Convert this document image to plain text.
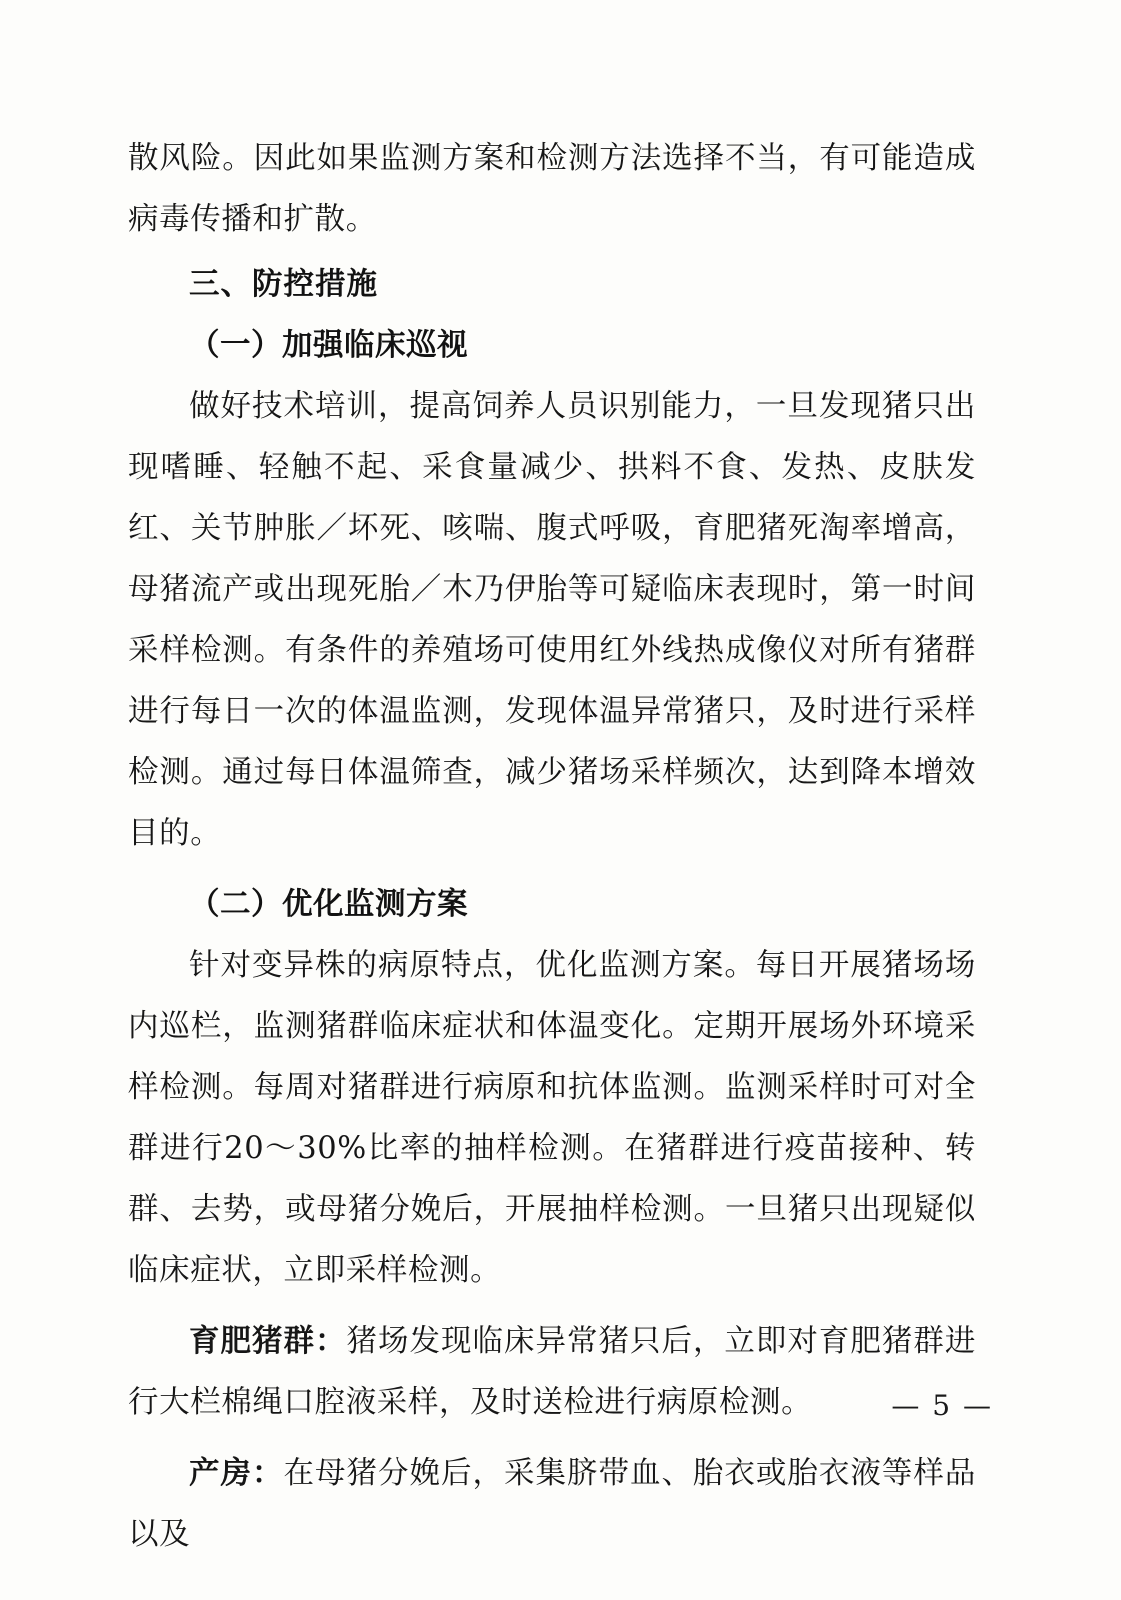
散风险。因此如果监测方案和检测方法选择不当，有可能造成病毒传播和扩散。

三、防控措施

（一）加强临床巡视

做好技术培训，提高饲养人员识别能力，一旦发现猪只出现嗜睡、轻触不起、采食量减少、拱料不食、发热、皮肤发红、关节肿胀／坏死、咳喘、腹式呼吸，育肥猪死淘率增高，母猪流产或出现死胎／木乃伊胎等可疑临床表现时，第一时间采样检测。有条件的养殖场可使用红外线热成像仪对所有猪群进行每日一次的体温监测，发现体温异常猪只，及时进行采样检测。通过每日体温筛查，减少猪场采样频次，达到降本增效目的。

（二）优化监测方案

针对变异株的病原特点，优化监测方案。每日开展猪场场内巡栏，监测猪群临床症状和体温变化。定期开展场外环境采样检测。每周对猪群进行病原和抗体监测。监测采样时可对全群进行20～30%比率的抽样检测。在猪群进行疫苗接种、转群、去势，或母猪分娩后，开展抽样检测。一旦猪只出现疑似临床症状，立即采样检测。

育肥猪群：猪场发现临床异常猪只后，立即对育肥猪群进行大栏棉绳口腔液采样，及时送检进行病原检测。

产房：在母猪分娩后，采集脐带血、胎衣或胎衣液等样品以及

— 5 —
